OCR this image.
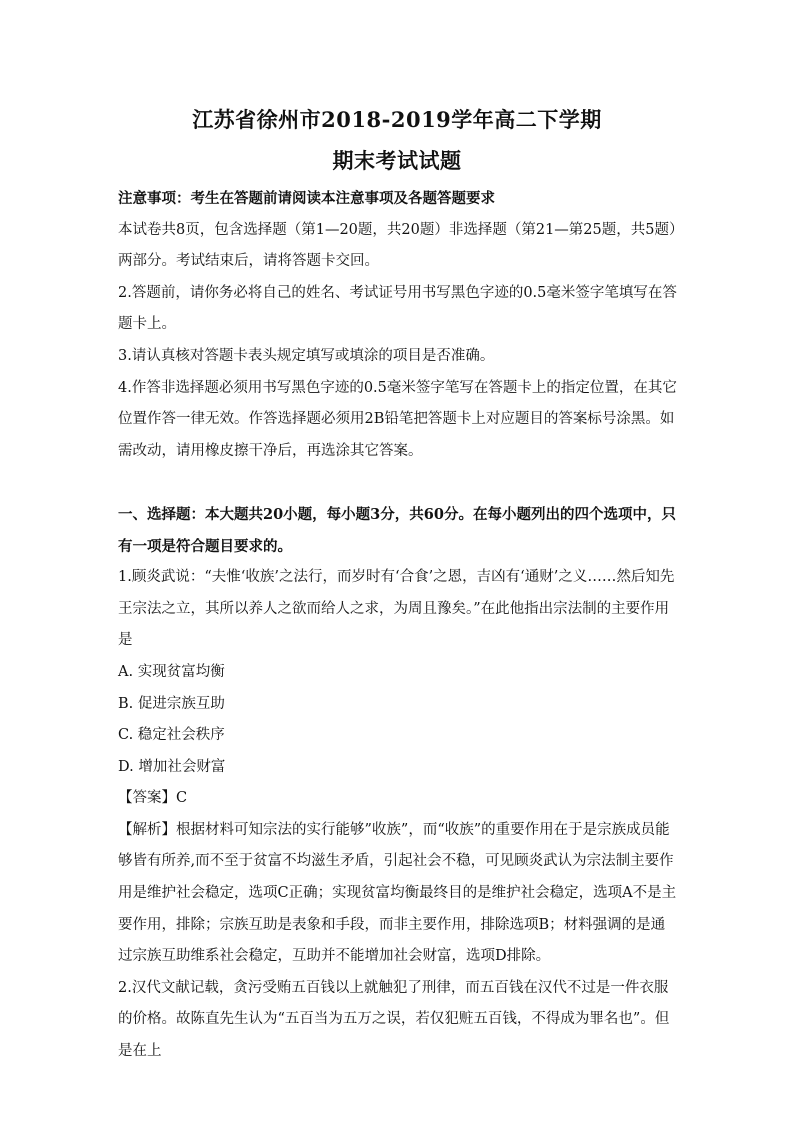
江苏省徐州市2018-2019学年高二下学期
期末考试试题

注意事项：考生在答题前请阅读本注意事项及各题答题要求

本试卷共8页，包含选择题（第1—20题，共20题）非选择题（第21—第25题，共5题）两部分。考试结束后，请将答题卡交回。

2.答题前，请你务必将自己的姓名、考试证号用书写黑色字迹的0.5毫米签字笔填写在答题卡上。

3.请认真核对答题卡表头规定填写或填涂的项目是否准确。

4.作答非选择题必须用书写黑色字迹的0.5毫米签字笔写在答题卡上的指定位置，在其它位置作答一律无效。作答选择题必须用2B铅笔把答题卡上对应题目的答案标号涂黑。如需改动，请用橡皮擦干净后，再选涂其它答案。

一、选择题：本大题共20小题，每小题3分，共60分。在每小题列出的四个选项中，只有一项是符合题目要求的。

1.顾炎武说：“夫惟‘收族’之法行，而岁时有‘合食’之恩，吉凶有‘通财’之义……然后知先王宗法之立，其所以养人之欲而给人之求，为周且豫矣。”在此他指出宗法制的主要作用是

A. 实现贫富均衡

B. 促进宗族互助

C. 稳定社会秩序

D. 增加社会财富

【答案】C

【解析】根据材料可知宗法的实行能够”收族”，而“收族”的重要作用在于是宗族成员能够皆有所养,而不至于贫富不均滋生矛盾，引起社会不稳，可见顾炎武认为宗法制主要作用是维护社会稳定，选项C正确；实现贫富均衡最终目的是维护社会稳定，选项A不是主要作用，排除；宗族互助是表象和手段，而非主要作用，排除选项B；材料强调的是通过宗族互助维系社会稳定，互助并不能增加社会财富，选项D排除。

2.汉代文献记载，贪污受贿五百钱以上就触犯了刑律，而五百钱在汉代不过是一件衣服的价格。故陈直先生认为“五百当为五万之误，若仅犯赃五百钱，不得成为罪名也”。但是在上
